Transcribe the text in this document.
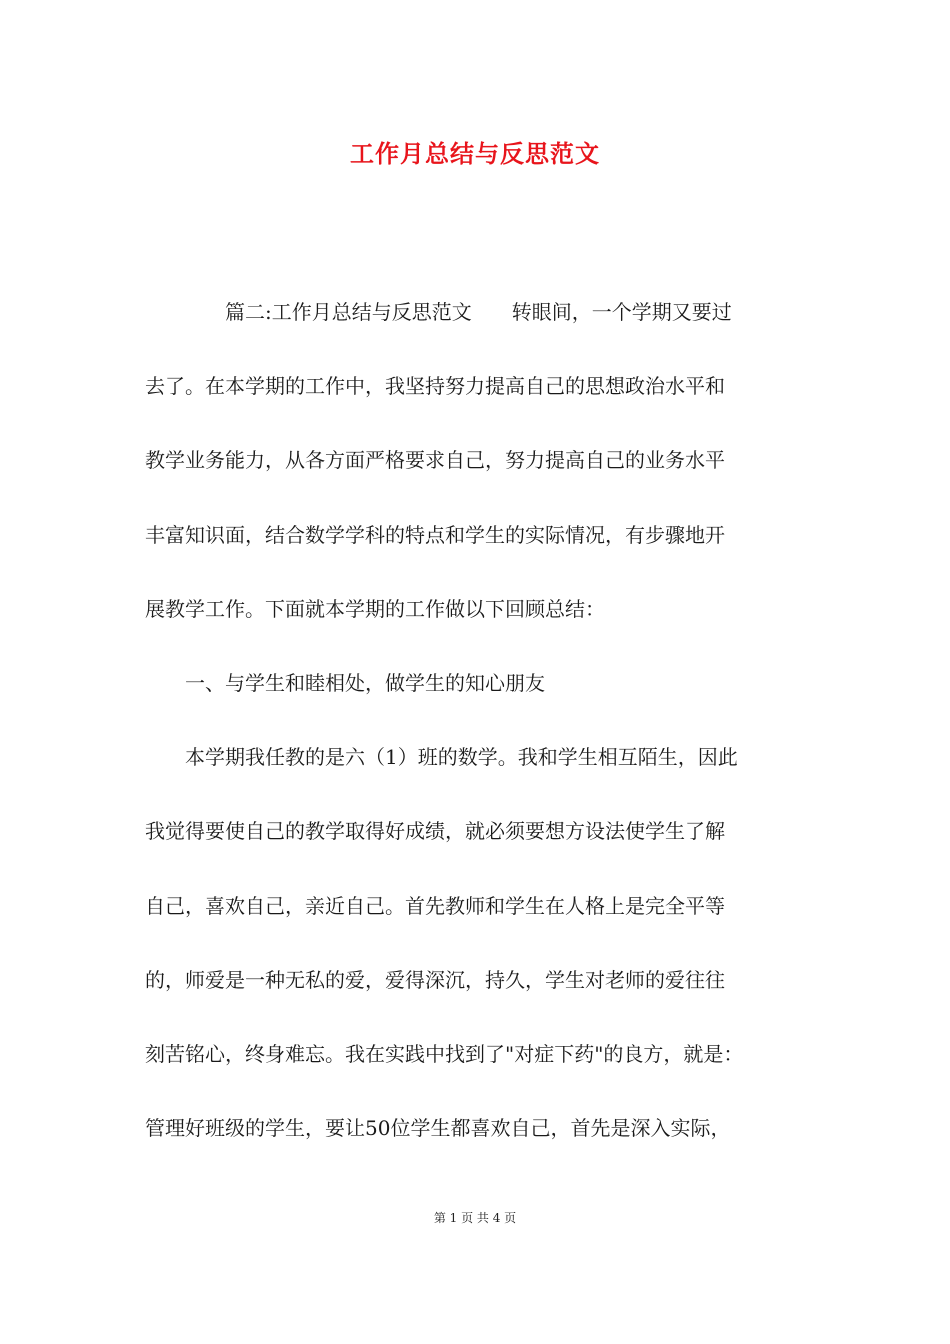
工作月总结与反思范文
　　　　篇二:工作月总结与反思范文　　转眼间，一个学期又要过
去了。在本学期的工作中，我坚持努力提高自己的思想政治水平和
教学业务能力，从各方面严格要求自己，努力提高自己的业务水平
丰富知识面，结合数学学科的特点和学生的实际情况，有步骤地开
展教学工作。下面就本学期的工作做以下回顾总结：
　　一、与学生和睦相处，做学生的知心朋友
　　本学期我任教的是六（1）班的数学。我和学生相互陌生，因此
我觉得要使自己的教学取得好成绩，就必须要想方设法使学生了解
自己，喜欢自己，亲近自己。首先教师和学生在人格上是完全平等
的，师爱是一种无私的爱，爱得深沉，持久，学生对老师的爱往往
刻苦铭心，终身难忘。我在实践中找到了"对症下药"的良方，就是：
管理好班级的学生，要让50位学生都喜欢自己，首先是深入实际，
第 1 页 共 4 页
